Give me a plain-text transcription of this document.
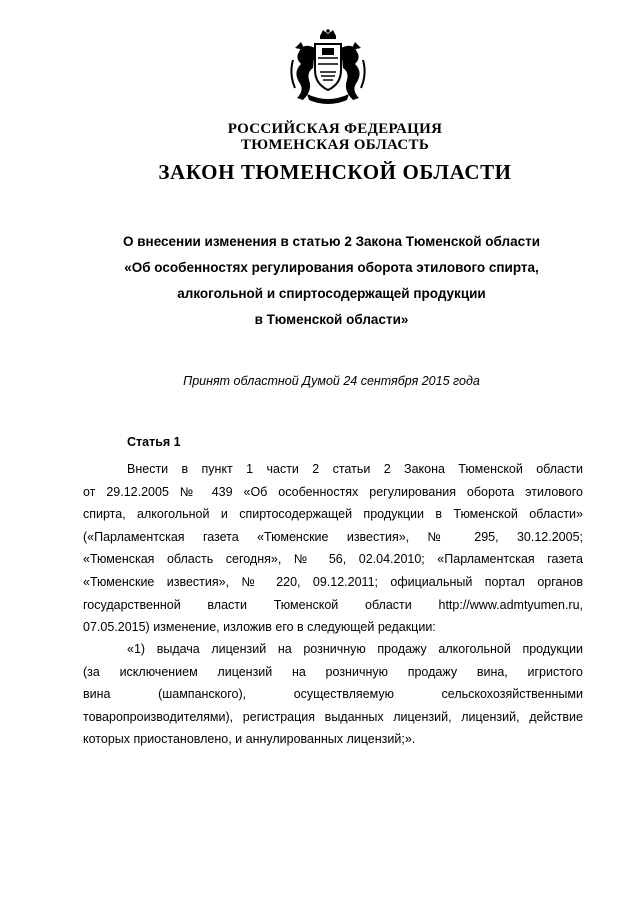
РОССИЙСКАЯ ФЕДЕРАЦИЯ
ТЮМЕНСКАЯ ОБЛАСТЬ
ЗАКОН ТЮМЕНСКОЙ ОБЛАСТИ
О внесении изменения в статью 2 Закона Тюменской области
«Об особенностях регулирования оборота этилового спирта,
алкогольной и спиртосодержащей продукции
в Тюменской области»
Принят областной Думой 24 сентября 2015 года
Статья 1
Внести в пункт 1 части 2 статьи 2 Закона Тюменской области
от 29.12.2005 № 439 «Об особенностях регулирования оборота этилового
спирта, алкогольной и спиртосодержащей продукции в Тюменской области»
(«Парламентская газета «Тюменские известия», № 295, 30.12.2005;
«Тюменская область сегодня», № 56, 02.04.2010; «Парламентская газета
«Тюменские известия», № 220, 09.12.2011; официальный портал органов
государственной власти Тюменской области http://www.admtyumen.ru,
07.05.2015) изменение, изложив его в следующей редакции:
«1) выдача лицензий на розничную продажу алкогольной продукции
(за исключением лицензий на розничную продажу вина, игристого
вина (шампанского), осуществляемую сельскохозяйственными
товаропроизводителями), регистрация выданных лицензий, лицензий, действие
которых приостановлено, и аннулированных лицензий;».
